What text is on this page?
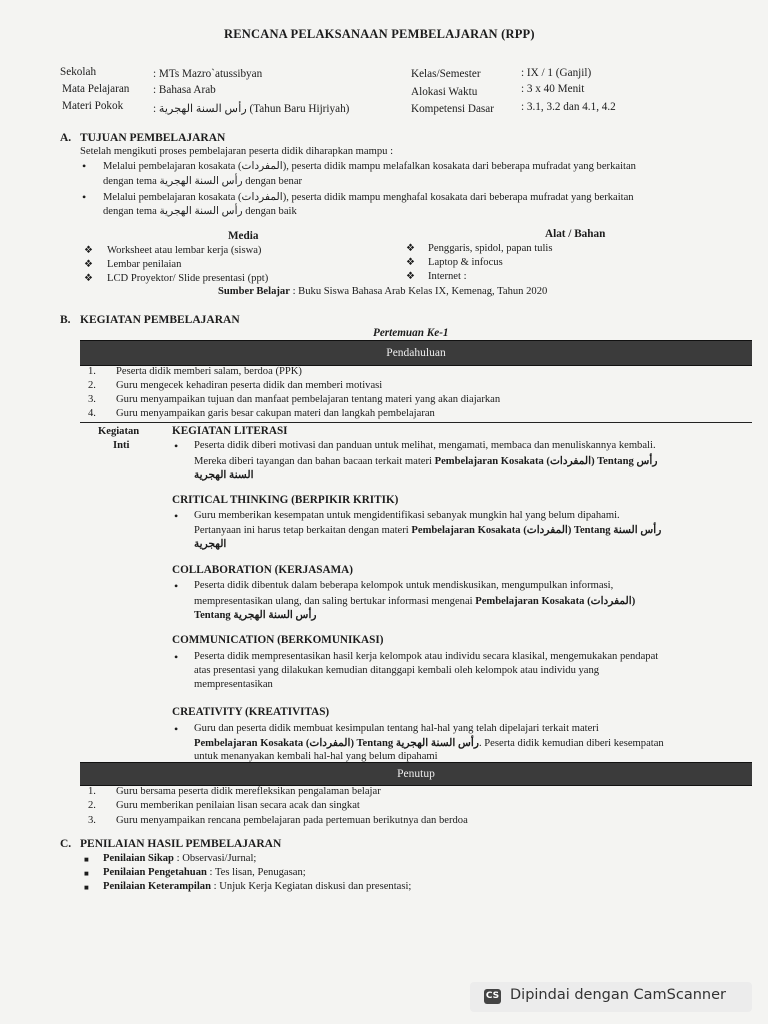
RENCANA PELAKSANAAN PEMBELAJARAN (RPP)
Sekolah	: MTs Mazro`atussibyan
Mata Pelajaran : Bahasa Arab
Materi Pokok	: رأس السنة الهجرية (Tahun Baru Hijriyah)
Kelas/Semester	: IX / 1 (Ganjil)
Alokasi Waktu	: 3 x 40 Menit
Kompetensi Dasar : 3.1, 3.2 dan 4.1, 4.2
A. TUJUAN PEMBELAJARAN
Setelah mengikuti proses pembelajaran peserta didik diharapkan mampu :
• Melalui pembelajaran kosakata (المفردات), peserta didik mampu melafalkan kosakata dari beberapa mufradat yang berkaitan
dengan tema رأس السنة الهجرية dengan benar
• Melalui pembelajaran kosakata (المفردات), peserta didik mampu menghafal kosakata dari beberapa mufradat yang berkaitan
dengan tema رأس السنة الهجرية dengan baik
Media
❖ Worksheet atau lembar kerja (siswa)
❖ Lembar penilaian
❖ LCD Proyektor/ Slide presentasi (ppt)
Alat / Bahan
❖ Penggaris, spidol, papan tulis
❖ Laptop & infocus
❖ Internet :
Sumber Belajar : Buku Siswa Bahasa Arab Kelas IX, Kemenag, Tahun 2020
B. KEGIATAN PEMBELAJARAN
Pertemuan Ke-1
Pendahuluan
1. Peserta didik memberi salam, berdoa (PPK)
2. Guru mengecek kehadiran peserta didik dan memberi motivasi
3. Guru menyampaikan tujuan dan manfaat pembelajaran tentang materi yang akan diajarkan
4. Guru menyampaikan garis besar cakupan materi dan langkah pembelajaran
Kegiatan
Inti
KEGIATAN LITERASI
• Peserta didik diberi motivasi dan panduan untuk melihat, mengamati, membaca dan menuliskannya kembali.
Mereka diberi tayangan dan bahan bacaan terkait materi Pembelajaran Kosakata (المفردات) Tentang رأس
السنة الهجرية
CRITICAL THINKING (BERPIKIR KRITIK)
• Guru memberikan kesempatan untuk mengidentifikasi sebanyak mungkin hal yang belum dipahami.
Pertanyaan ini harus tetap berkaitan dengan materi Pembelajaran Kosakata (المفردات) Tentang رأس السنة
الهجرية
COLLABORATION (KERJASAMA)
• Peserta didik dibentuk dalam beberapa kelompok untuk mendiskusikan, mengumpulkan informasi,
mempresentasikan ulang, dan saling bertukar informasi mengenai Pembelajaran Kosakata (المفردات)
Tentang رأس السنة الهجرية
COMMUNICATION (BERKOMUNIKASI)
• Peserta didik mempresentasikan hasil kerja kelompok atau individu secara klasikal, mengemukakan pendapat
atas presentasi yang dilakukan kemudian ditanggapi kembali oleh kelompok atau individu yang
mempresentasikan
CREATIVITY (KREATIVITAS)
• Guru dan peserta didik membuat kesimpulan tentang hal-hal yang telah dipelajari terkait materi
Pembelajaran Kosakata (المفردات) Tentang رأس السنة الهجرية. Peserta didik kemudian diberi kesempatan
untuk menanyakan kembali hal-hal yang belum dipahami
Penutup
1. Guru bersama peserta didik merefleksikan pengalaman belajar
2. Guru memberikan penilaian lisan secara acak dan singkat
3. Guru menyampaikan rencana pembelajaran pada pertemuan berikutnya dan berdoa
C. PENILAIAN HASIL PEMBELAJARAN
■ Penilaian Sikap : Observasi/Jurnal;
■ Penilaian Pengetahuan : Tes lisan, Penugasan;
■ Penilaian Keterampilan : Unjuk Kerja Kegiatan diskusi dan presentasi;
CS Dipindai dengan CamScanner
